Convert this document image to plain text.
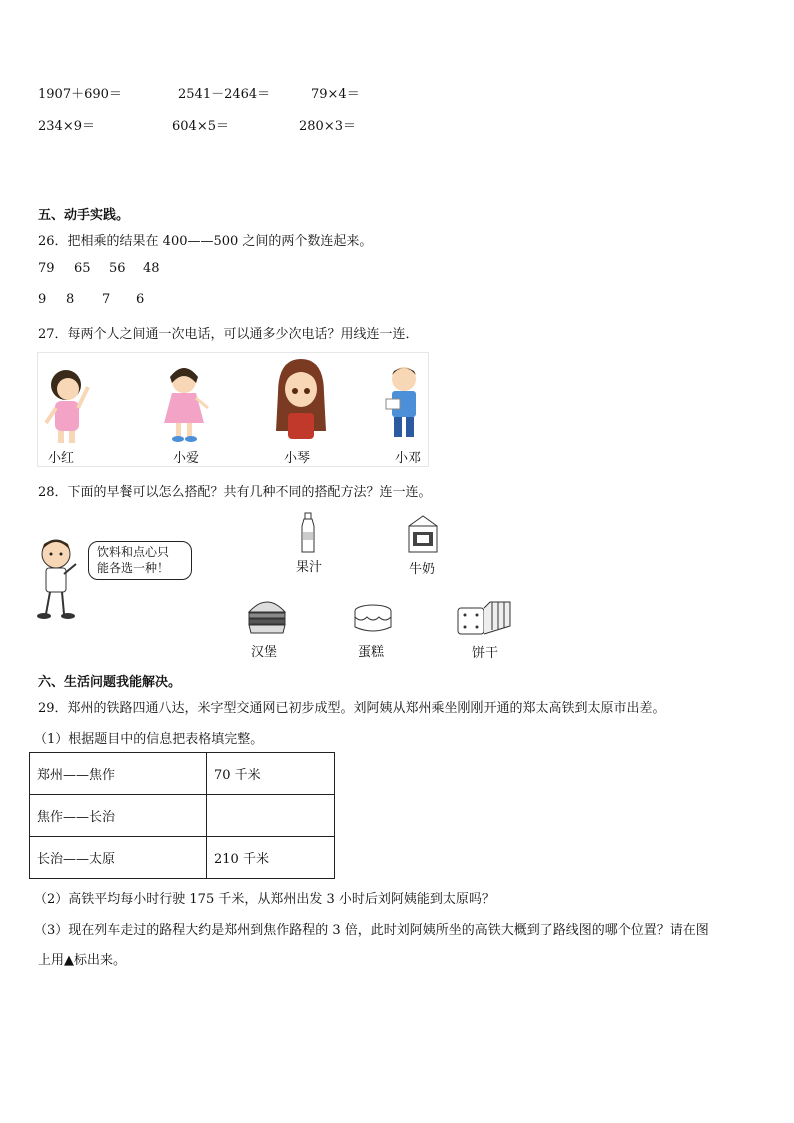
1907＋690＝	2541－2464＝	79×4＝
234×9＝	604×5＝	280×3＝
五、动手实践。
26．把相乘的结果在 400——500 之间的两个数连起来。
79 65 56 48
9 8 7 6
27．每两个人之间通一次电话，可以通多少次电话？用线连一连．
小红	小爱	小琴	小邓
28．下面的早餐可以怎么搭配？共有几种不同的搭配方法？连一连。
饮料和点心只
能各选一种！	果汁	牛奶
汉堡	蛋糕	饼干
六、生活问题我能解决。
29．郑州的铁路四通八达，米字型交通网已初步成型。刘阿姨从郑州乘坐刚刚开通的郑太高铁到太原市出差。
（1）根据题目中的信息把表格填完整。
郑州——焦作	70 千米
焦作——长治	
长治——太原	210 千米
（2）高铁平均每小时行驶 175 千米，从郑州出发 3 小时后刘阿姨能到太原吗？
（3）现在列车走过的路程大约是郑州到焦作路程的 3 倍，此时刘阿姨所坐的高铁大概到了路线图的哪个位置？请在图
上用▲标出来。
